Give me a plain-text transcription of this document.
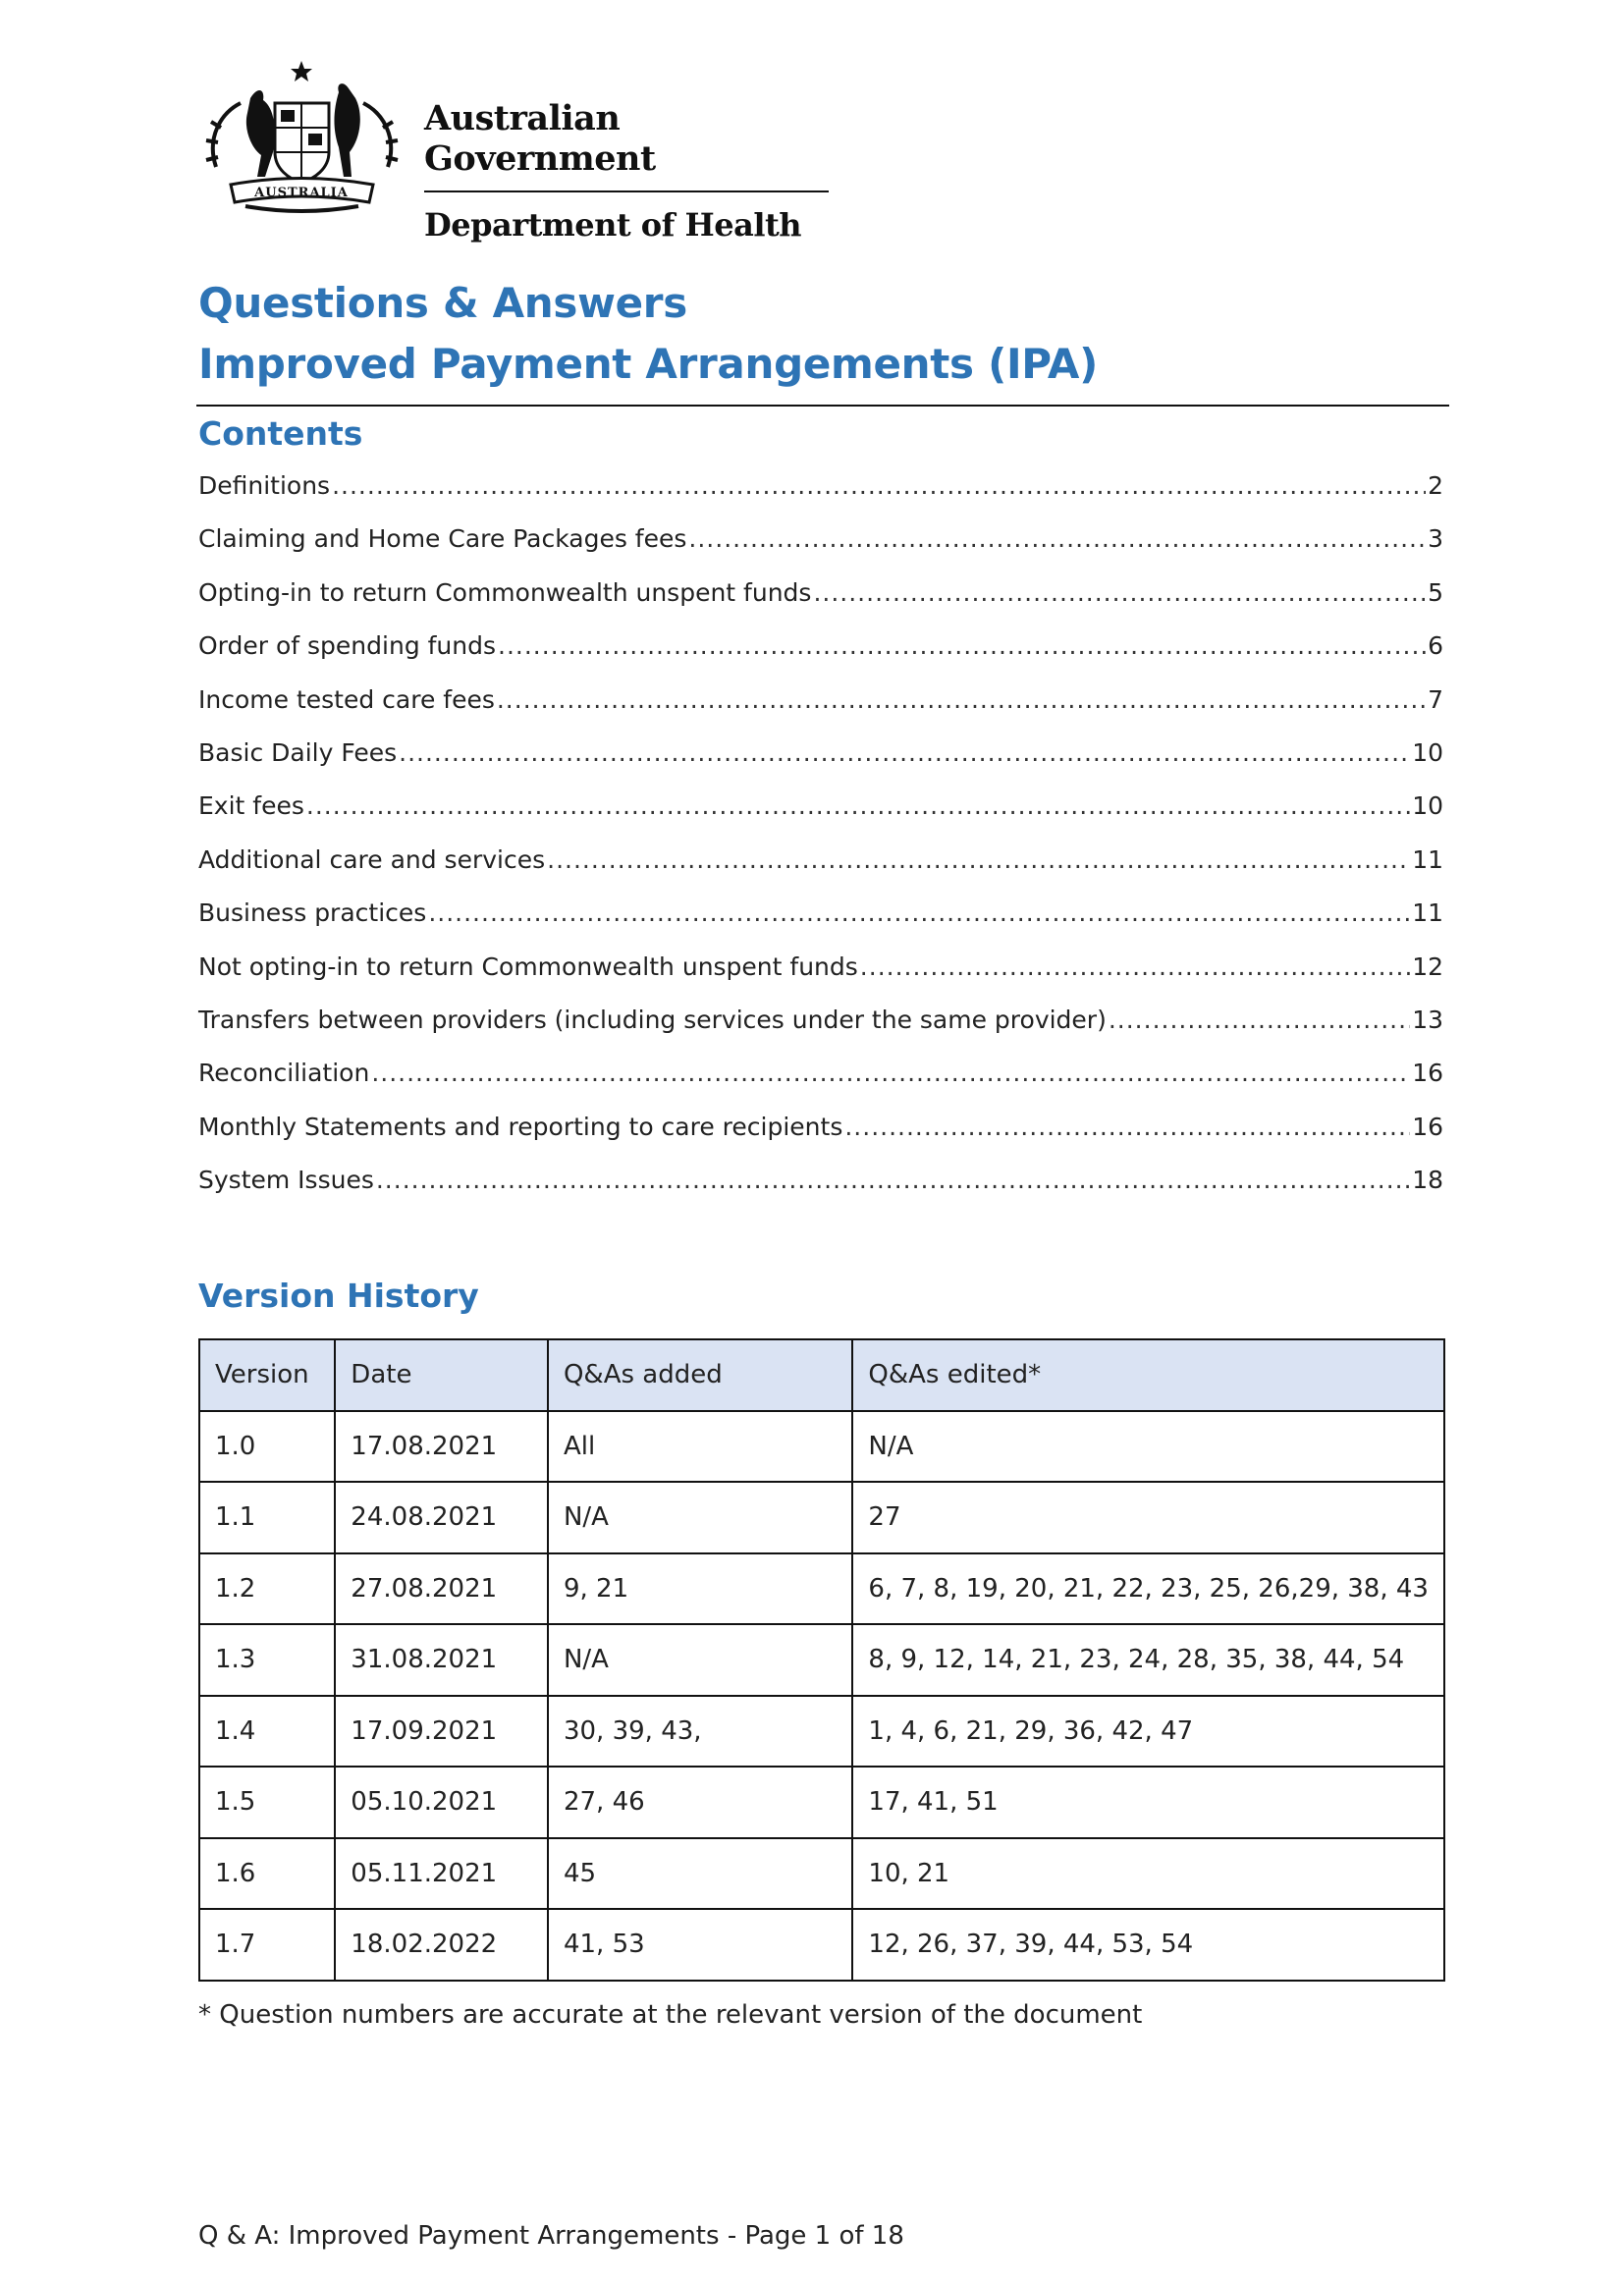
AUSTRALIA
Australian Government
Department of Health
Questions & Answers
Improved Payment Arrangements (IPA)
Contents
Definitions .....	2
Claiming and Home Care Packages fees .....	3
Opting-in to return Commonwealth unspent funds .....	5
Order of spending funds .....	6
Income tested care fees .....	7
Basic Daily Fees .....	10
Exit fees .....	10
Additional care and services .....	11
Business practices .....	11
Not opting-in to return Commonwealth unspent funds .....	12
Transfers between providers (including services under the same provider) .....	13
Reconciliation .....	16
Monthly Statements and reporting to care recipients .....	16
System Issues .....	18
Version History
Version	Date	Q&As added	Q&As edited*
1.0	17.08.2021	All	N/A
1.1	24.08.2021	N/A	27
1.2	27.08.2021	9, 21	6, 7, 8, 19, 20, 21, 22, 23, 25, 26,29, 38, 43
1.3	31.08.2021	N/A	8, 9, 12, 14, 21, 23, 24, 28, 35, 38, 44, 54
1.4	17.09.2021	30, 39, 43,	1, 4, 6, 21, 29, 36, 42, 47
1.5	05.10.2021	27, 46	17, 41, 51
1.6	05.11.2021	45	10, 21
1.7	18.02.2022	41, 53	12, 26, 37, 39, 44, 53, 54
* Question numbers are accurate at the relevant version of the document
Q & A: Improved Payment Arrangements - Page 1 of 18
